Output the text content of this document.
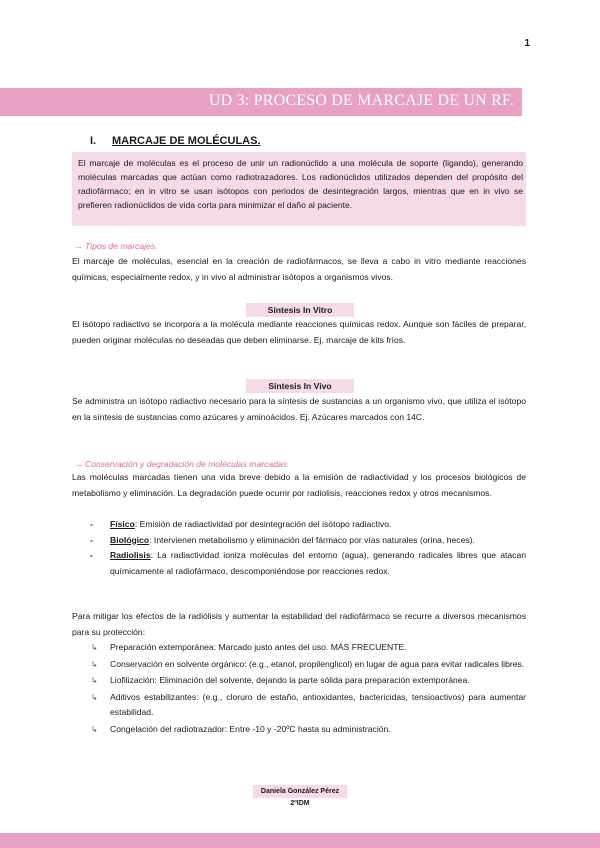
1
UD 3: PROCESO DE MARCAJE DE UN RF.
I. MARCAJE DE MOLÉCULAS.
El marcaje de moléculas es el proceso de unir un radionúclido a una molécula de soporte (ligando), generando moléculas marcadas que actúan como radiotrazadores. Los radionúclidos utilizados dependen del propósito del radiofármaco; en in vitro se usan isótopos con periodos de desintegración largos, mientras que en in vivo se prefieren radionúclidos de vida corta para minimizar el daño al paciente.
→ Tipos de marcajes.
El marcaje de moléculas, esencial en la creación de radiofármacos, se lleva a cabo in vitro mediante reacciones químicas, especialmente redox, y in vivo al administrar isótopos a organismos vivos.
Síntesis In Vitro
El isótopo radiactivo se incorpora a la molécula mediante reacciones químicas redox. Aunque son fáciles de preparar, pueden originar moléculas no deseadas que deben eliminarse. Ej. marcaje de kits fríos.
Síntesis In Vivo
Se administra un isótopo radiactivo necesario para la síntesis de sustancias a un organismo vivo, que utiliza el isótopo en la síntesis de sustancias como azúcares y aminoácidos. Ej. Azúcares marcados con 14C.
→ Conservación y degradación de moléculas marcadas.
Las moléculas marcadas tienen una vida breve debido a la emisión de radiactividad y los procesos biológicos de metabolismo y eliminación. La degradación puede ocurrir por radiolisis, reacciones redox y otros mecanismos.
- Físico: Emisión de radiactividad por desintegración del isótopo radiactivo.
- Biológico: Intervienen metabolismo y eliminación del fármaco por vías naturales (orina, heces).
- Radiolisis: La radiactividad ioniza moléculas del entorno (agua), generando radicales libres que atacan químicamente al radiofármaco, descomponiéndose por reacciones redox.
Para mitigar los efectos de la radiólisis y aumentar la estabilidad del radiofármaco se recurre a diversos mecanismos para su protección:
↳ Preparación extemporánea: Marcado justo antes del uso. MÁS FRECUENTE.
↳ Conservación en solvente orgánico: (e.g., etanol, propilenglicol) en lugar de agua para evitar radicales libres.
↳ Liofilización: Eliminación del solvente, dejando la parte sólida para preparación extemporánea.
↳ Aditivos estabilizantes: (e.g., cloruro de estaño, antioxidantes, bactericidas, tensioactivos) para aumentar estabilidad.
↳ Congelación del radiotrazador: Entre -10 y -20ºC hasta su administración.
Daniela González Pérez
2ºIDM
